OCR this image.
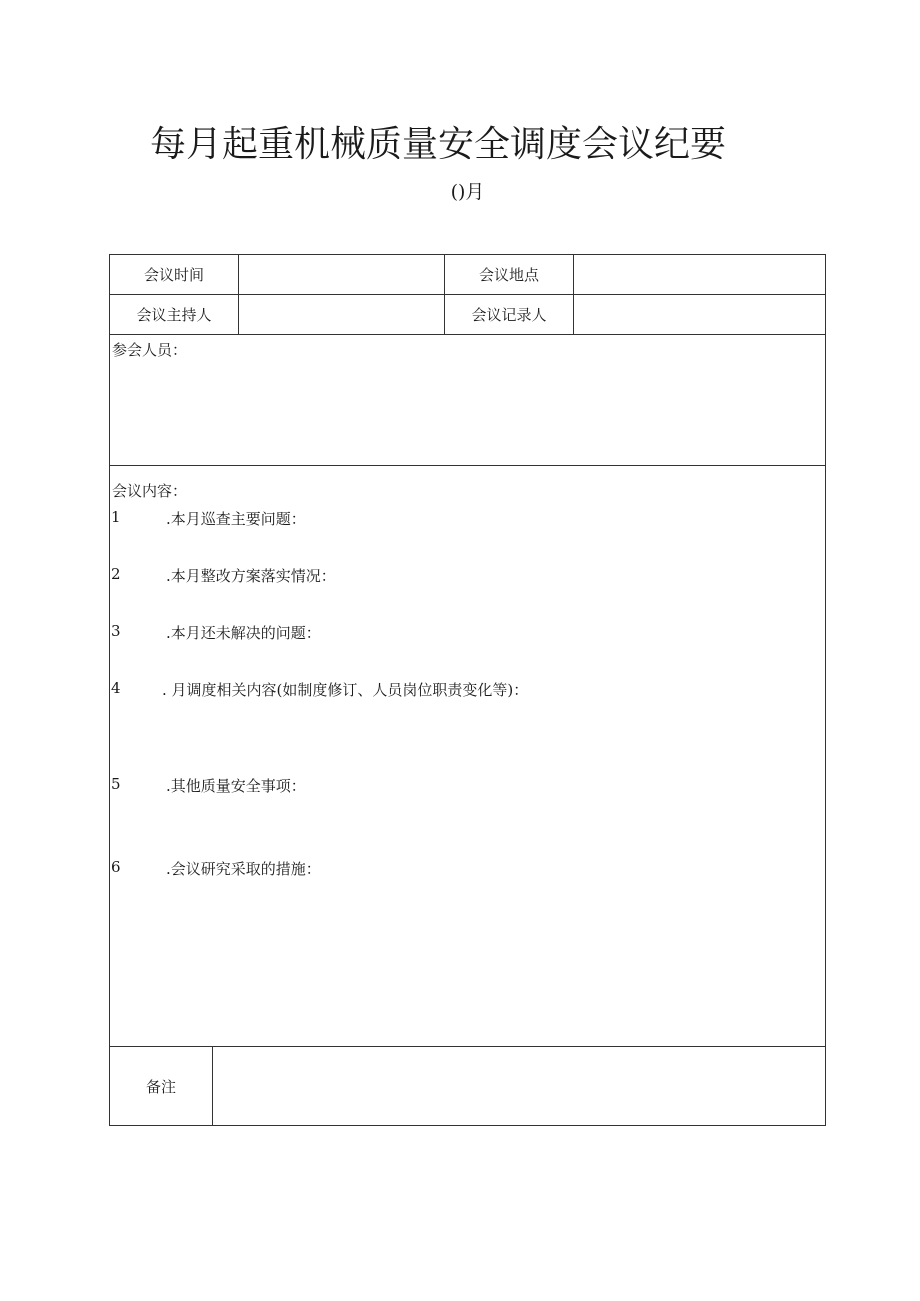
每月起重机械质量安全调度会议纪要
()月
会议时间	会议地点
会议主持人	会议记录人
参会人员：
会议内容：
1	.本月巡查主要问题：
2	.本月整改方案落实情况：
3	.本月还未解决的问题：
4	. 月调度相关内容(如制度修订、人员岗位职责变化等)：
5	.其他质量安全事项：
6	.会议研究采取的措施：
备注
